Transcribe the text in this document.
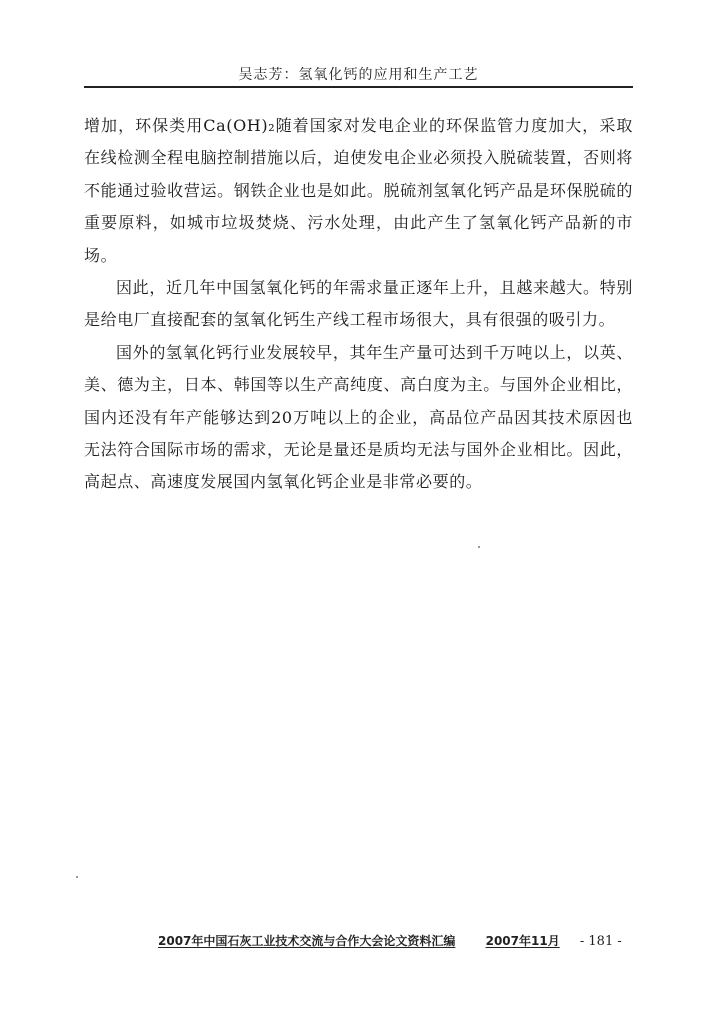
吴志芳：氢氧化钙的应用和生产工艺

增加，环保类用Ca(OH)₂随着国家对发电企业的环保监管力度加大，采取在线检测全程电脑控制措施以后，迫使发电企业必须投入脱硫装置，否则将不能通过验收营运。钢铁企业也是如此。脱硫剂氢氧化钙产品是环保脱硫的重要原料，如城市垃圾焚烧、污水处理，由此产生了氢氧化钙产品新的市场。

因此，近几年中国氢氧化钙的年需求量正逐年上升，且越来越大。特别是给电厂直接配套的氢氧化钙生产线工程市场很大，具有很强的吸引力。

国外的氢氧化钙行业发展较早，其年生产量可达到千万吨以上，以英、美、德为主，日本、韩国等以生产高纯度、高白度为主。与国外企业相比，国内还没有年产能够达到20万吨以上的企业，高品位产品因其技术原因也无法符合国际市场的需求，无论是量还是质均无法与国外企业相比。因此，高起点、高速度发展国内氢氧化钙企业是非常必要的。

2007年中国石灰工业技术交流与合作大会论文资料汇编	2007年11月 - 181 -
